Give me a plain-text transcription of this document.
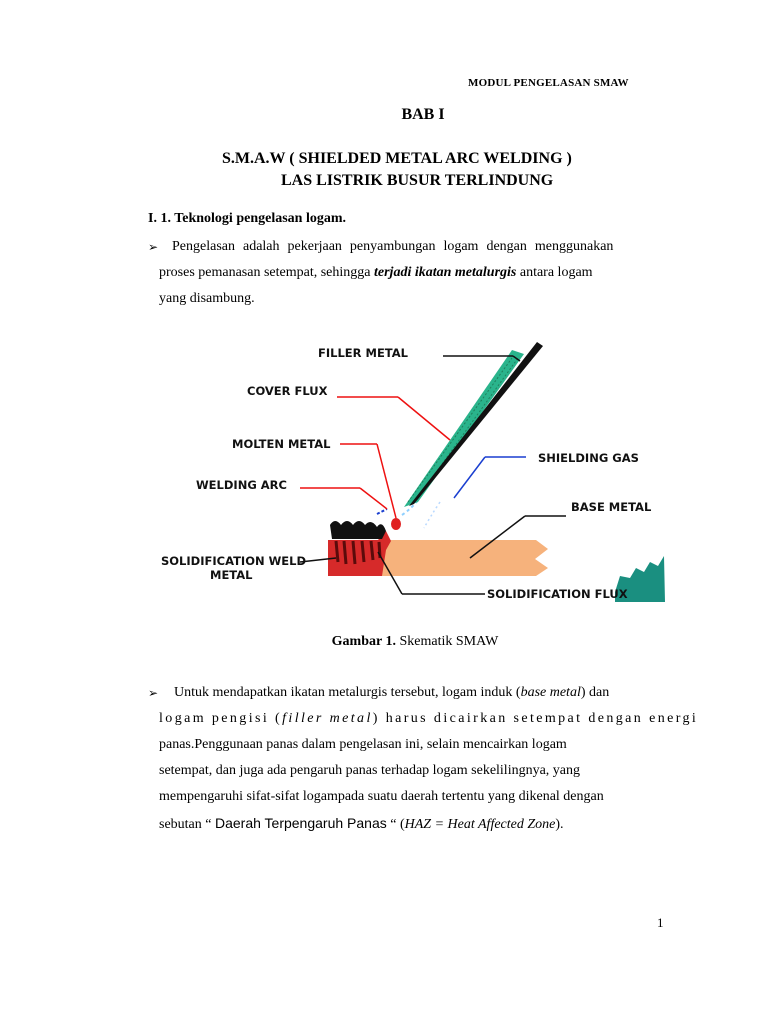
MODUL PENGELASAN SMAW
BAB I
S.M.A.W ( SHIELDED METAL ARC WELDING )
LAS LISTRIK BUSUR TERLINDUNG
I. 1. Teknologi pengelasan logam.
➢ Pengelasan adalah pekerjaan penyambungan logam dengan menggunakan
proses pemanasan setempat, sehingga terjadi ikatan metalurgis antara logam
yang disambung.
FILLER METAL
COVER FLUX
MOLTEN METAL
WELDING ARC
SOLIDIFICATION WELD
METAL
SHIELDING GAS
BASE METAL
SOLIDIFICATION FLUX
Gambar 1. Skematik SMAW
➢	Untuk mendapatkan ikatan metalurgis tersebut, logam induk (base metal) dan
logam pengisi (filler metal) harus dicairkan setempat dengan energi
panas.Penggunaan panas dalam pengelasan ini, selain mencairkan logam
setempat, dan juga ada pengaruh panas terhadap logam sekelilingnya, yang
mempengaruhi sifat-sifat logampada suatu daerah tertentu yang dikenal dengan
sebutan “ Daerah Terpengaruh Panas “ (HAZ = Heat Affected Zone).
1
